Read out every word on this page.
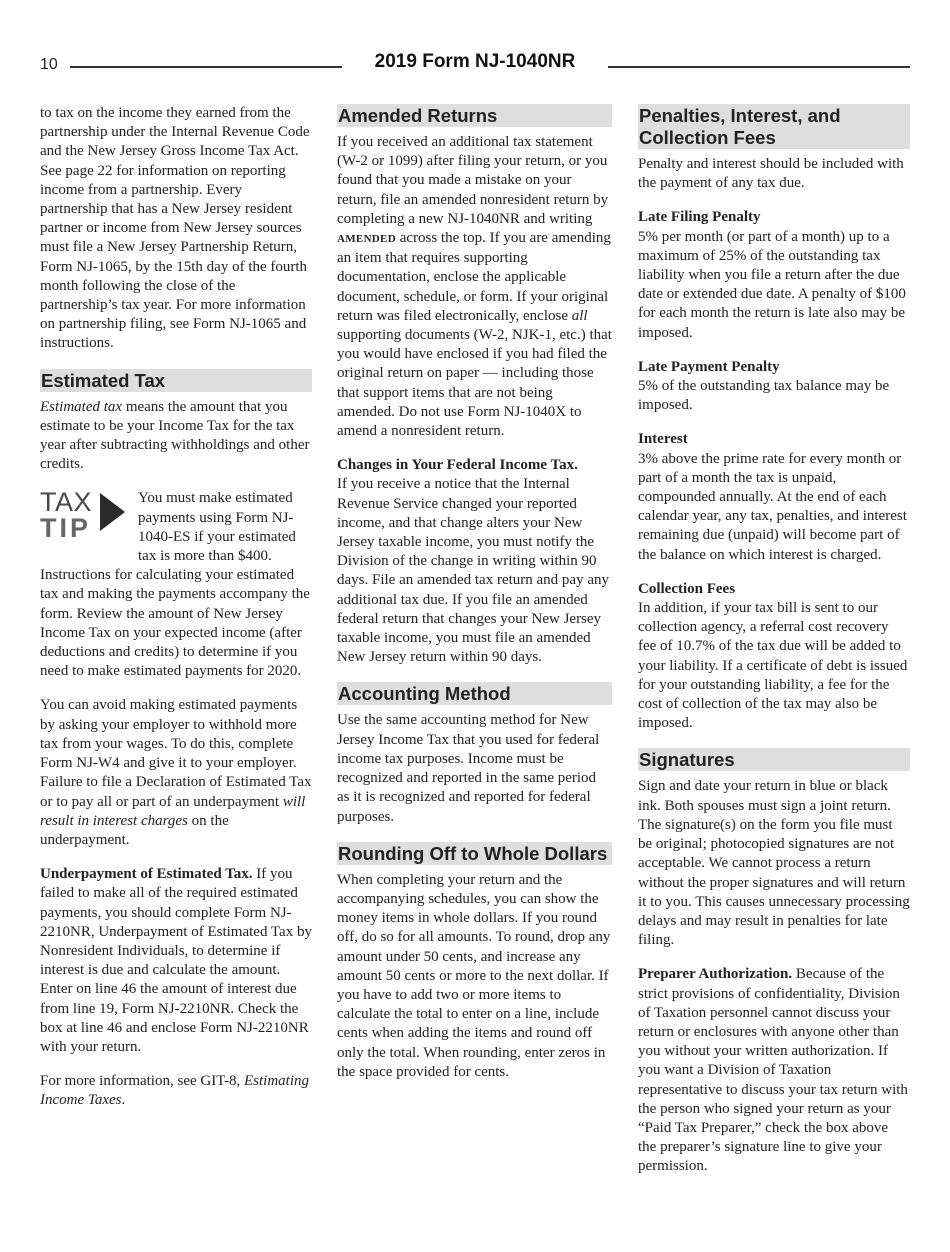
10	2019 Form NJ-1040NR

to tax on the income they earned from the partnership under the Internal Revenue Code and the New Jersey Gross Income Tax Act. See page 22 for information on reporting income from a partnership. Every partnership that has a New Jersey resident partner or income from New Jersey sources must file a New Jersey Partnership Return, Form NJ-1065, by the 15th day of the fourth month following the close of the partnership’s tax year. For more information on partnership filing, see Form NJ-1065 and instructions.

Estimated Tax

Estimated tax means the amount that you estimate to be your Income Tax for the tax year after subtracting withholdings and other credits.

TAX
TIP
You must make estimated payments using Form NJ-1040-ES if your estimated tax is more than $400. Instructions for calculating your estimated tax and making the payments accompany the form. Review the amount of New Jersey Income Tax on your expected income (after deductions and credits) to determine if you need to make estimated payments for 2020.

You can avoid making estimated payments by asking your employer to withhold more tax from your wages. To do this, complete Form NJ-W4 and give it to your employer. Failure to file a Declaration of Estimated Tax or to pay all or part of an underpayment will result in interest charges on the underpayment.

Underpayment of Estimated Tax. If you failed to make all of the required estimated payments, you should complete Form NJ-2210NR, Underpayment of Estimated Tax by Nonresident Individuals, to determine if interest is due and calculate the amount. Enter on line 46 the amount of interest due from line 19, Form NJ-2210NR. Check the box at line 46 and enclose Form NJ-2210NR with your return.

For more information, see GIT-8, Estimating Income Taxes.

Amended Returns

If you received an additional tax statement (W-2 or 1099) after filing your return, or you found that you made a mistake on your return, file an amended nonresident return by completing a new NJ-1040NR and writing AMENDED across the top. If you are amending an item that requires supporting documentation, enclose the applicable document, schedule, or form. If your original return was filed electronically, enclose all supporting documents (W-2, NJK-1, etc.) that you would have enclosed if you had filed the original return on paper — including those that support items that are not being amended. Do not use Form NJ-1040X to amend a nonresident return.

Changes in Your Federal Income Tax.
If you receive a notice that the Internal Revenue Service changed your reported income, and that change alters your New Jersey taxable income, you must notify the Division of the change in writing within 90 days. File an amended tax return and pay any additional tax due. If you file an amended federal return that changes your New Jersey taxable income, you must file an amended New Jersey return within 90 days.

Accounting Method

Use the same accounting method for New Jersey Income Tax that you used for federal income tax purposes. Income must be recognized and reported in the same period as it is recognized and reported for federal purposes.

Rounding Off to Whole Dollars

When completing your return and the accompanying schedules, you can show the money items in whole dollars. If you round off, do so for all amounts. To round, drop any amount under 50 cents, and increase any amount 50 cents or more to the next dollar. If you have to add two or more items to calculate the total to enter on a line, include cents when adding the items and round off only the total. When rounding, enter zeros in the space provided for cents.

Penalties, Interest, and Collection Fees

Penalty and interest should be included with the payment of any tax due.

Late Filing Penalty
5% per month (or part of a month) up to a maximum of 25% of the outstanding tax liability when you file a return after the due date or extended due date. A penalty of $100 for each month the return is late also may be imposed.

Late Payment Penalty
5% of the outstanding tax balance may be imposed.

Interest
3% above the prime rate for every month or part of a month the tax is unpaid, compounded annually. At the end of each calendar year, any tax, penalties, and interest remaining due (unpaid) will become part of the balance on which interest is charged.

Collection Fees
In addition, if your tax bill is sent to our collection agency, a referral cost recovery fee of 10.7% of the tax due will be added to your liability. If a certificate of debt is issued for your outstanding liability, a fee for the cost of collection of the tax may also be imposed.

Signatures

Sign and date your return in blue or black ink. Both spouses must sign a joint return. The signature(s) on the form you file must be original; photocopied signatures are not acceptable. We cannot process a return without the proper signatures and will return it to you. This causes unnecessary processing delays and may result in penalties for late filing.

Preparer Authorization. Because of the strict provisions of confidentiality, Division of Taxation personnel cannot discuss your return or enclosures with anyone other than you without your written authorization. If you want a Division of Taxation representative to discuss your tax return with the person who signed your return as your “Paid Tax Preparer,” check the box above the preparer’s signature line to give your permission.
